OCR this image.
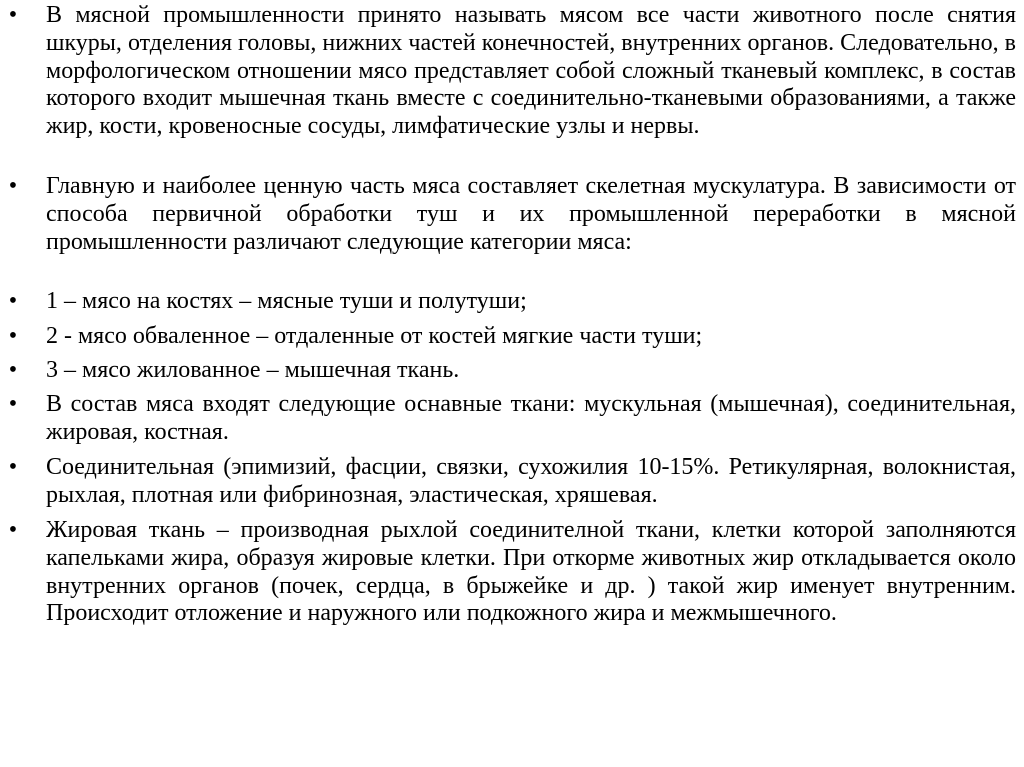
•	В мясной промышленности принято называть мясом все части животного после снятия шкуры, отделения головы, нижних частей конечностей, внутренних органов. Следовательно, в морфологическом отношении мясо представляет собой сложный тканевый комплекс, в состав которого входит мышечная ткань вместе с соединительно-тканевыми образованиями, а также жир, кости, кровеносные сосуды, лимфатические узлы и нервы.

•	Главную и наиболее ценную часть мяса составляет скелетная мускулатура. В зависимости от способа первичной обработки туш и их промышленной переработки в мясной промышленности различают следующие категории мяса:

•	1 – мясо на костях – мясные туши и полутуши;

•	2 - мясо обваленное – отдаленные от костей мягкие части туши;

•	3 – мясо жилованное – мышечная ткань.

•	В состав мяса входят следующие оснавные ткани: мускульная (мышечная), соединительная, жировая, костная.

•	Соединительная (эпимизий, фасции, связки, сухожилия 10-15%. Ретикулярная, волокнистая, рыхлая, плотная или фибринозная, эластическая, хряшевая.

•	Жировая ткань – производная рыхлой соединителной ткани, клетки которой заполняются капельками жира, образуя жировые клетки. При откорме животных жир откладывается около внутренних органов (почек, сердца, в брыжейке и др. ) такой жир именует внутренним. Происходит отложение и наружного или подкожного жира и межмышечного.
